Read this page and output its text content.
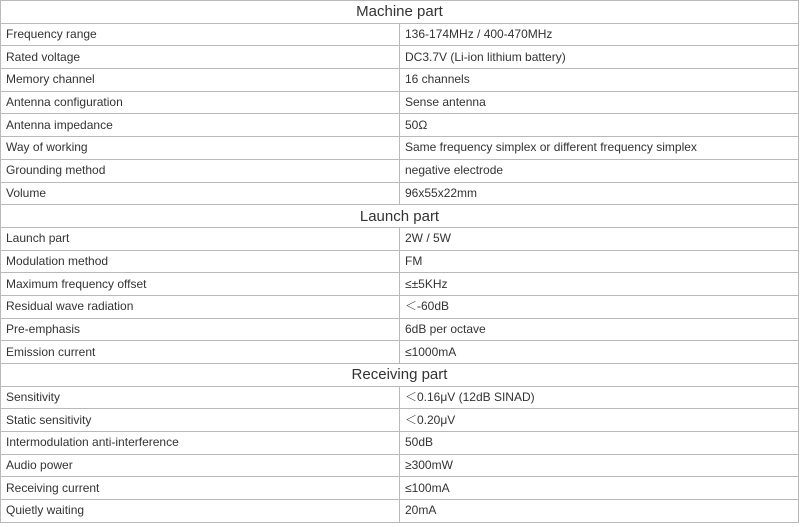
Machine part	
Frequency range	136-174MHz / 400-470MHz
Rated voltage	DC3.7V (Li-ion lithium battery)
Memory channel	16 channels
Antenna configuration	Sense antenna
Antenna impedance	50Ω
Way of working	Same frequency simplex or different frequency simplex
Grounding method	negative electrode
Volume	96x55x22mm
Launch part	
Launch part	2W / 5W
Modulation method	FM
Maximum frequency offset	≤±5KHz
Residual wave radiation	＜-60dB
Pre-emphasis	6dB per octave
Emission current	≤1000mA
Receiving part	
Sensitivity	＜0.16μV (12dB SINAD)
Static sensitivity	＜0.20μV
Intermodulation anti-interference	50dB
Audio power	≥300mW
Receiving current	≤100mA
Quietly waiting	20mA
